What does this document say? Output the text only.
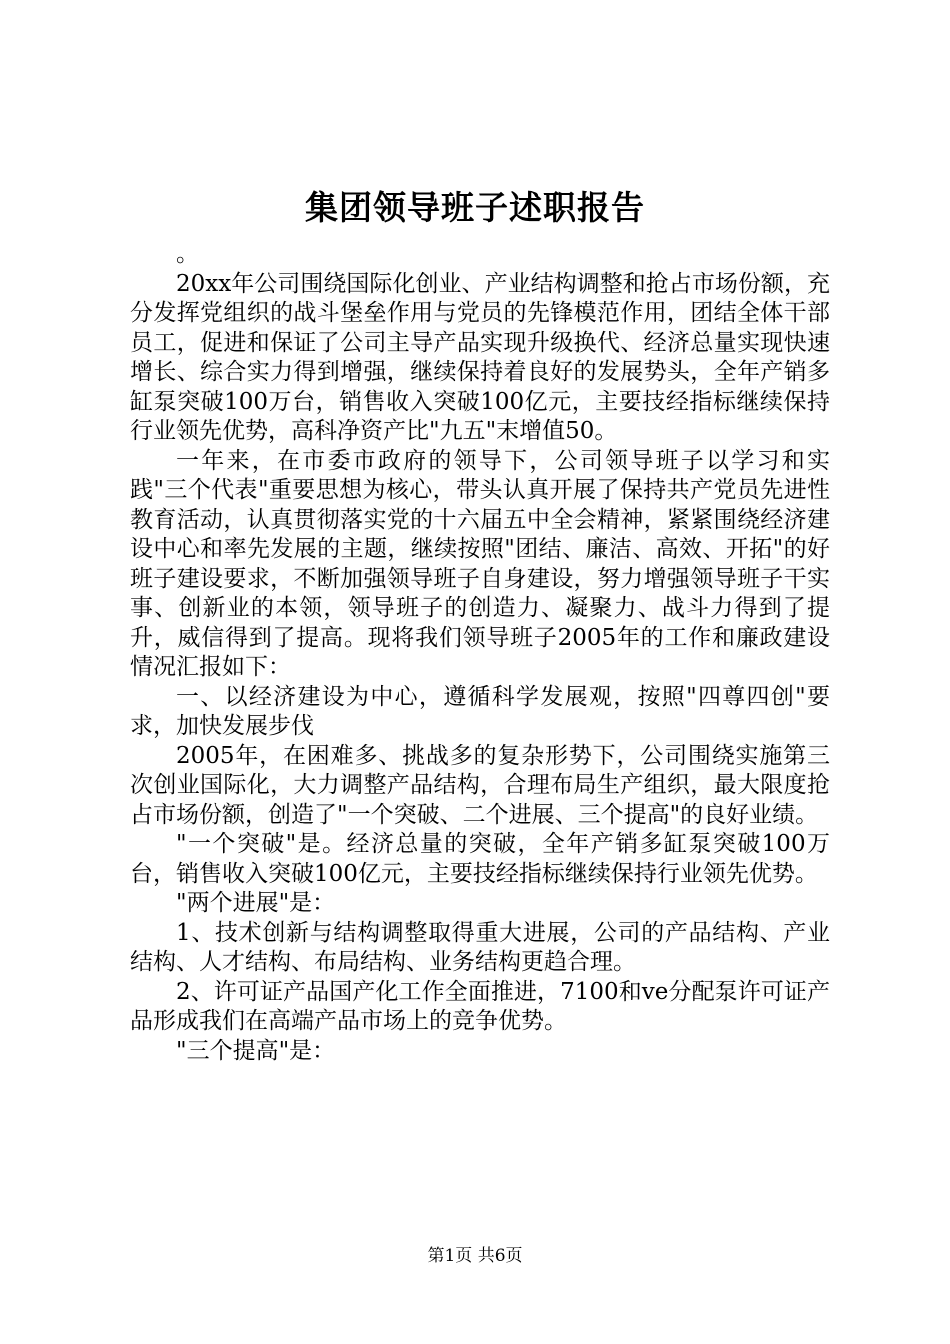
集团领导班子述职报告

。

20xx年公司围绕国际化创业、产业结构调整和抢占市场份额，充分发挥党组织的战斗堡垒作用与党员的先锋模范作用，团结全体干部员工，促进和保证了公司主导产品实现升级换代、经济总量实现快速增长、综合实力得到增强，继续保持着良好的发展势头，全年产销多缸泵突破100万台，销售收入突破100亿元，主要技经指标继续保持行业领先优势，高科净资产比"九五"末增值50。

一年来，在市委市政府的领导下，公司领导班子以学习和实践"三个代表"重要思想为核心，带头认真开展了保持共产党员先进性教育活动，认真贯彻落实党的十六届五中全会精神，紧紧围绕经济建设中心和率先发展的主题，继续按照"团结、廉洁、高效、开拓"的好班子建设要求，不断加强领导班子自身建设，努力增强领导班子干实事、创新业的本领，领导班子的创造力、凝聚力、战斗力得到了提升，威信得到了提高。现将我们领导班子2005年的工作和廉政建设情况汇报如下：

一、以经济建设为中心，遵循科学发展观，按照"四尊四创"要求，加快发展步伐

2005年，在困难多、挑战多的复杂形势下，公司围绕实施第三次创业国际化，大力调整产品结构，合理布局生产组织，最大限度抢占市场份额，创造了"一个突破、二个进展、三个提高"的良好业绩。

"一个突破"是。经济总量的突破，全年产销多缸泵突破100万台，销售收入突破100亿元，主要技经指标继续保持行业领先优势。

"两个进展"是：

1、技术创新与结构调整取得重大进展，公司的产品结构、产业结构、人才结构、布局结构、业务结构更趋合理。

2、许可证产品国产化工作全面推进，7100和ve分配泵许可证产品形成我们在高端产品市场上的竞争优势。

"三个提高"是：

第1页 共6页
